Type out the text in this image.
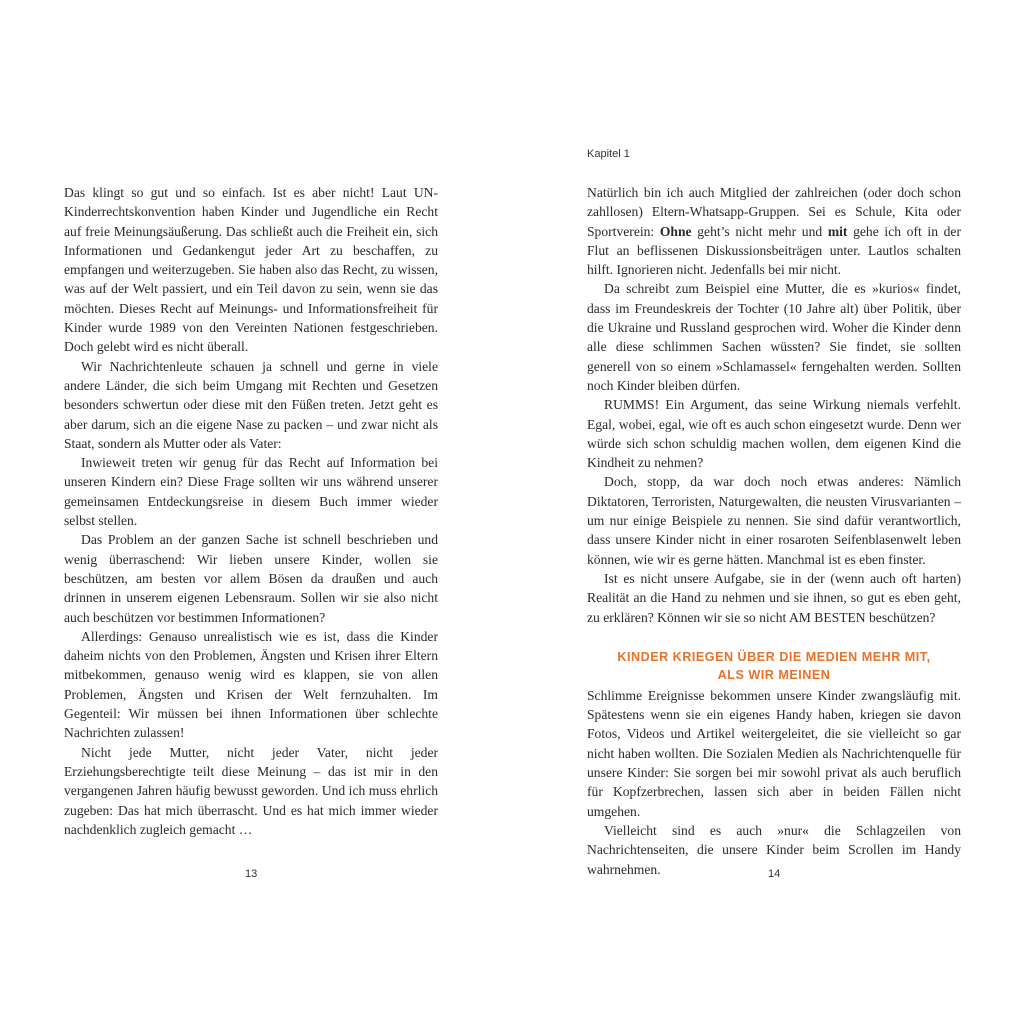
Das klingt so gut und so einfach. Ist es aber nicht! Laut UN-Kinderrechtskonvention haben Kinder und Jugendliche ein Recht auf freie Meinungsäußerung. Das schließt auch die Freiheit ein, sich Informationen und Gedankengut jeder Art zu beschaffen, zu empfangen und weiterzugeben. Sie haben also das Recht, zu wissen, was auf der Welt passiert, und ein Teil davon zu sein, wenn sie das möchten. Dieses Recht auf Meinungs- und Informationsfreiheit für Kinder wurde 1989 von den Vereinten Nationen festgeschrieben. Doch gelebt wird es nicht überall.

Wir Nachrichtenleute schauen ja schnell und gerne in viele andere Länder, die sich beim Umgang mit Rechten und Gesetzen besonders schwertun oder diese mit den Füßen treten. Jetzt geht es aber darum, sich an die eigene Nase zu packen – und zwar nicht als Staat, sondern als Mutter oder als Vater:

Inwieweit treten wir genug für das Recht auf Information bei unseren Kindern ein? Diese Frage sollten wir uns während unserer gemeinsamen Entdeckungsreise in diesem Buch immer wieder selbst stellen.

Das Problem an der ganzen Sache ist schnell beschrieben und wenig überraschend: Wir lieben unsere Kinder, wollen sie beschützen, am besten vor allem Bösen da draußen und auch drinnen in unserem eigenen Lebensraum. Sollen wir sie also nicht auch beschützen vor bestimmen Informationen?

Allerdings: Genauso unrealistisch wie es ist, dass die Kinder daheim nichts von den Problemen, Ängsten und Krisen ihrer Eltern mitbekommen, genauso wenig wird es klappen, sie von allen Problemen, Ängsten und Krisen der Welt fernzuhalten. Im Gegenteil: Wir müssen bei ihnen Informationen über schlechte Nachrichten zulassen!

Nicht jede Mutter, nicht jeder Vater, nicht jeder Erziehungsberechtigte teilt diese Meinung – das ist mir in den vergangenen Jahren häufig bewusst geworden. Und ich muss ehrlich zugeben: Das hat mich überrascht. Und es hat mich immer wieder nachdenklich zugleich gemacht …

13
Kapitel 1

Natürlich bin ich auch Mitglied der zahlreichen (oder doch schon zahllosen) Eltern-Whatsapp-Gruppen. Sei es Schule, Kita oder Sportverein: Ohne geht’s nicht mehr und mit gehe ich oft in der Flut an beflissenen Diskussionsbeiträgen unter. Lautlos schalten hilft. Ignorieren nicht. Jedenfalls bei mir nicht.

Da schreibt zum Beispiel eine Mutter, die es »kurios« findet, dass im Freundeskreis der Tochter (10 Jahre alt) über Politik, über die Ukraine und Russland gesprochen wird. Woher die Kinder denn alle diese schlimmen Sachen wüssten? Sie findet, sie sollten generell von so einem »Schlamassel« ferngehalten werden. Sollten noch Kinder bleiben dürfen.

RUMMS! Ein Argument, das seine Wirkung niemals verfehlt. Egal, wobei, egal, wie oft es auch schon eingesetzt wurde. Denn wer würde sich schon schuldig machen wollen, dem eigenen Kind die Kindheit zu nehmen?

Doch, stopp, da war doch noch etwas anderes: Nämlich Diktatoren, Terroristen, Naturgewalten, die neusten Virusvarianten – um nur einige Beispiele zu nennen. Sie sind dafür verantwortlich, dass unsere Kinder nicht in einer rosaroten Seifenblasenwelt leben können, wie wir es gerne hätten. Manchmal ist es eben finster.

Ist es nicht unsere Aufgabe, sie in der (wenn auch oft harten) Realität an die Hand zu nehmen und sie ihnen, so gut es eben geht, zu erklären? Können wir sie so nicht AM BESTEN beschützen?

KINDER KRIEGEN ÜBER DIE MEDIEN MEHR MIT,
ALS WIR MEINEN

Schlimme Ereignisse bekommen unsere Kinder zwangsläufig mit. Spätestens wenn sie ein eigenes Handy haben, kriegen sie davon Fotos, Videos und Artikel weitergeleitet, die sie vielleicht so gar nicht haben wollten. Die Sozialen Medien als Nachrichtenquelle für unsere Kinder: Sie sorgen bei mir sowohl privat als auch beruflich für Kopfzerbrechen, lassen sich aber in beiden Fällen nicht umgehen.

Vielleicht sind es auch »nur« die Schlagzeilen von Nachrichtenseiten, die unsere Kinder beim Scrollen im Handy wahrnehmen.	14
